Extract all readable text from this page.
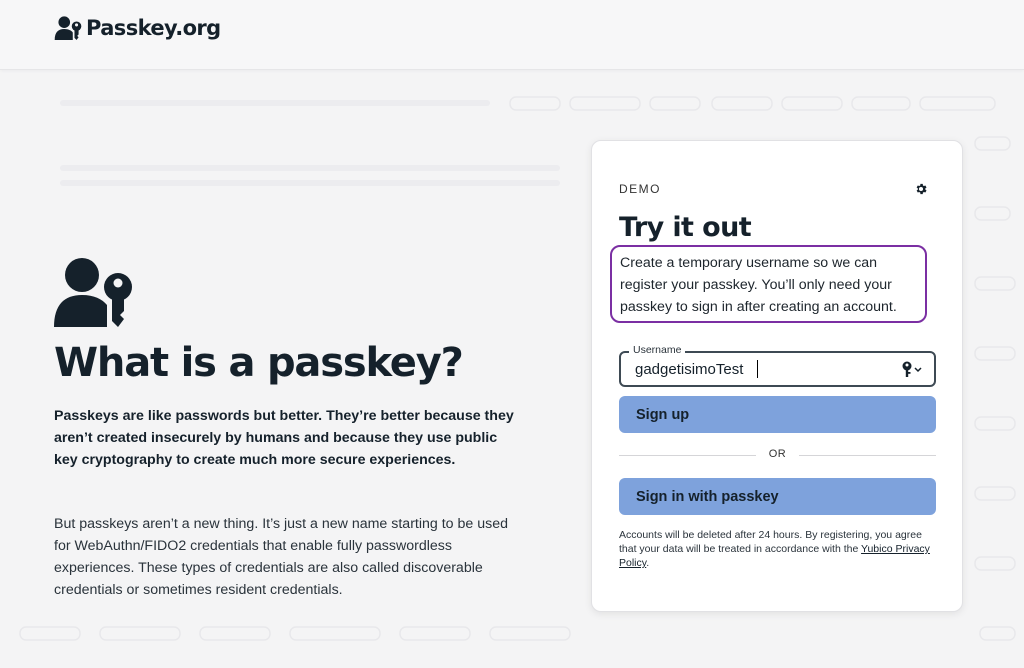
Passkey.org
What is a passkey?

Passkeys are like passwords but better. They’re better because they aren’t created insecurely by humans and because they use public key cryptography to create much more secure experiences.

But passkeys aren’t a new thing. It’s just a new name starting to be used for WebAuthn/FIDO2 credentials that enable fully passwordless experiences. These types of credentials are also called discoverable credentials or sometimes resident credentials.

DEMO
Try it out

Create a temporary username so we can register your passkey. You’ll only need your passkey to sign in after creating an account.

Username
gadgetisimoTest
Sign up
OR
Sign in with passkey

Accounts will be deleted after 24 hours. By registering, you agree that your data will be treated in accordance with the Yubico Privacy Policy.
